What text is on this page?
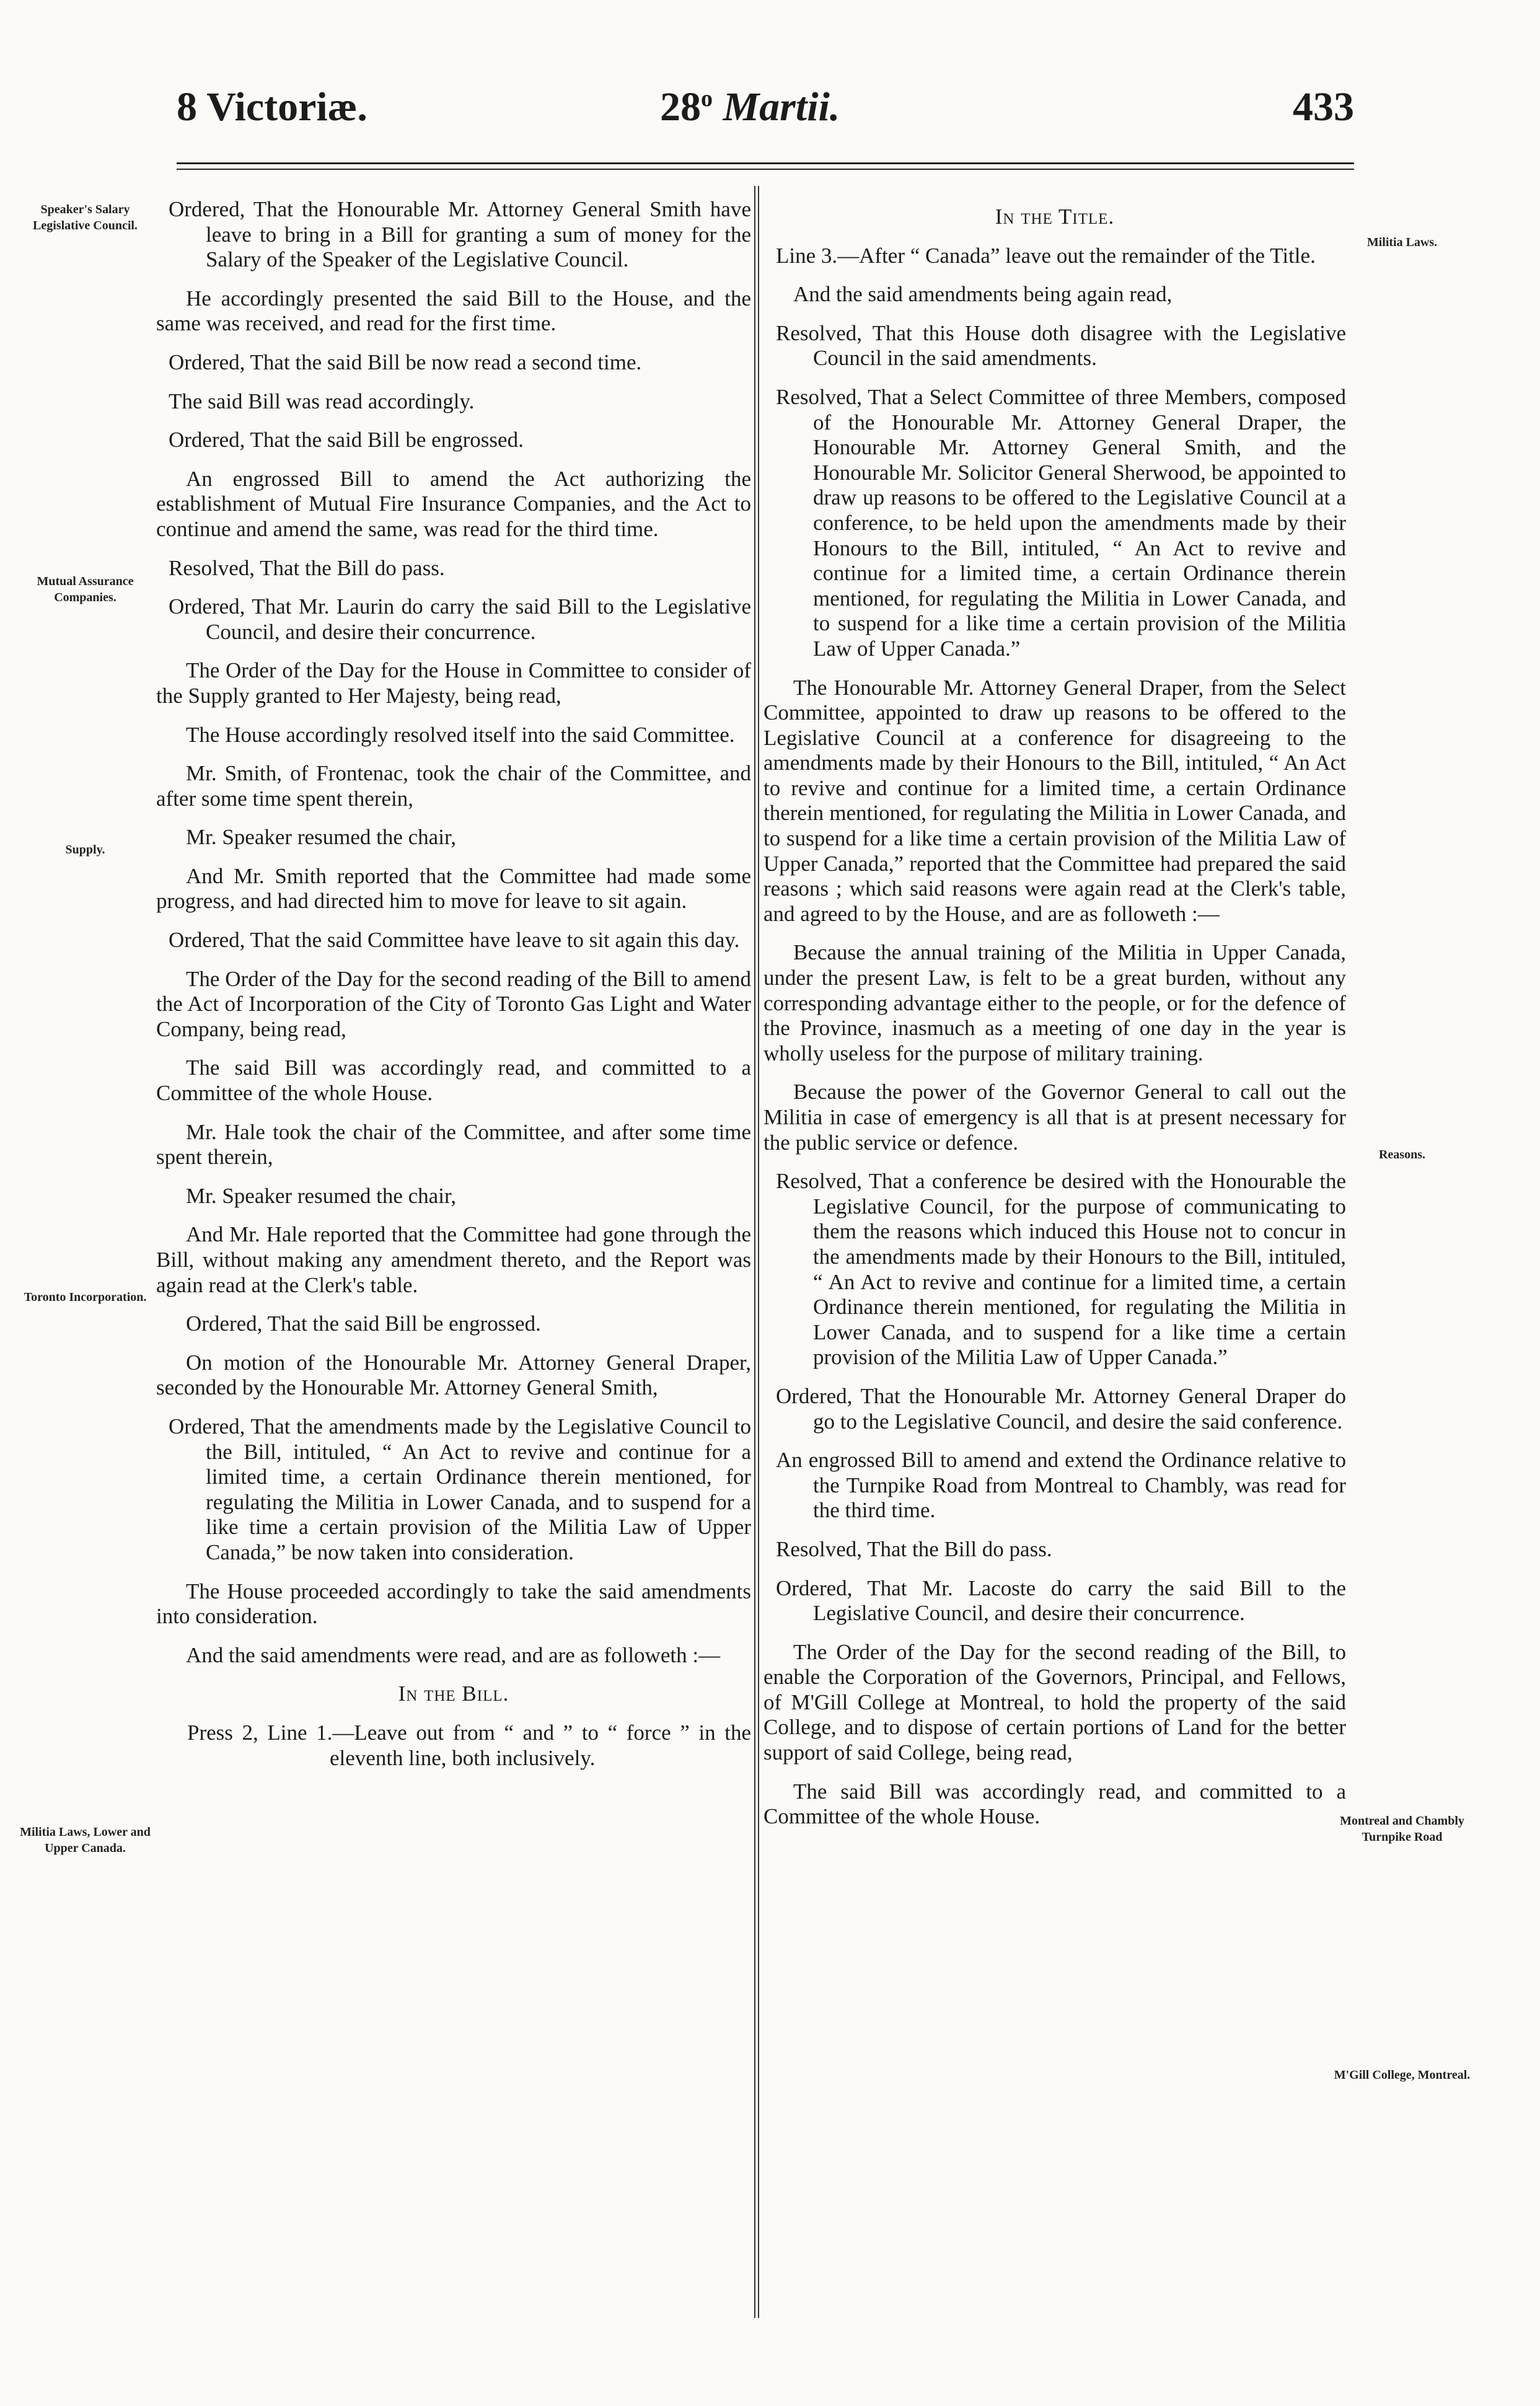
8 Victoriæ.	28$^o$ Martii.	433
Speaker's Salary Legislative Council.
Mutual Assurance Companies.
Supply.
Toronto Incorporation.
Militia Laws, Lower and Upper Canada.
Militia Laws.
Reasons.
Montreal and Chambly Turnpike Road
M'Gill College, Montreal.

Ordered, That the Honourable Mr. Attorney General Smith have leave to bring in a Bill for granting a sum of money for the Salary of the Speaker of the Legislative Council.

He accordingly presented the said Bill to the House, and the same was received, and read for the first time.

Ordered, That the said Bill be now read a second time.

The said Bill was read accordingly.

Ordered, That the said Bill be engrossed.

An engrossed Bill to amend the Act authorizing the establishment of Mutual Fire Insurance Companies, and the Act to continue and amend the same, was read for the third time.

Resolved, That the Bill do pass.

Ordered, That Mr. Laurin do carry the said Bill to the Legislative Council, and desire their concurrence.

The Order of the Day for the House in Committee to consider of the Supply granted to Her Majesty, being read,

The House accordingly resolved itself into the said Committee.

Mr. Smith, of Frontenac, took the chair of the Committee, and after some time spent therein,

Mr. Speaker resumed the chair,

And Mr. Smith reported that the Committee had made some progress, and had directed him to move for leave to sit again.

Ordered, That the said Committee have leave to sit again this day.

The Order of the Day for the second reading of the Bill to amend the Act of Incorporation of the City of Toronto Gas Light and Water Company, being read,

The said Bill was accordingly read, and committed to a Committee of the whole House.

Mr. Hale took the chair of the Committee, and after some time spent therein,

Mr. Speaker resumed the chair,

And Mr. Hale reported that the Committee had gone through the Bill, without making any amendment thereto, and the Report was again read at the Clerk's table.

Ordered, That the said Bill be engrossed.

On motion of the Honourable Mr. Attorney General Draper, seconded by the Honourable Mr. Attorney General Smith,

Ordered, That the amendments made by the Legislative Council to the Bill, intituled, “ An Act to revive and continue for a limited time, a certain Ordinance therein mentioned, for regulating the Militia in Lower Canada, and to suspend for a like time a certain provision of the Militia Law of Upper Canada,” be now taken into consideration.

The House proceeded accordingly to take the said amendments into consideration.

And the said amendments were read, and are as followeth :—

In the Bill.

Press 2, Line 1.—Leave out from “ and ” to “ force ” in the eleventh line, both inclusively.

In the Title.

Line 3.—After “ Canada” leave out the remainder of the Title.

And the said amendments being again read,

Resolved, That this House doth disagree with the Legislative Council in the said amendments.

Resolved, That a Select Committee of three Members, composed of the Honourable Mr. Attorney General Draper, the Honourable Mr. Attorney General Smith, and the Honourable Mr. Solicitor General Sherwood, be appointed to draw up reasons to be offered to the Legislative Council at a conference, to be held upon the amendments made by their Honours to the Bill, intituled, “ An Act to revive and continue for a limited time, a certain Ordinance therein mentioned, for regulating the Militia in Lower Canada, and to suspend for a like time a certain provision of the Militia Law of Upper Canada.”

The Honourable Mr. Attorney General Draper, from the Select Committee, appointed to draw up reasons to be offered to the Legislative Council at a conference for disagreeing to the amendments made by their Honours to the Bill, intituled, “ An Act to revive and continue for a limited time, a certain Ordinance therein mentioned, for regulating the Militia in Lower Canada, and to suspend for a like time a certain provision of the Militia Law of Upper Canada,” reported that the Committee had prepared the said reasons ; which said reasons were again read at the Clerk's table, and agreed to by the House, and are as followeth :—

Because the annual training of the Militia in Upper Canada, under the present Law, is felt to be a great burden, without any corresponding advantage either to the people, or for the defence of the Province, inasmuch as a meeting of one day in the year is wholly useless for the purpose of military training.

Because the power of the Governor General to call out the Militia in case of emergency is all that is at present necessary for the public service or defence.

Resolved, That a conference be desired with the Honourable the Legislative Council, for the purpose of communicating to them the reasons which induced this House not to concur in the amendments made by their Honours to the Bill, intituled, “ An Act to revive and continue for a limited time, a certain Ordinance therein mentioned, for regulating the Militia in Lower Canada, and to suspend for a like time a certain provision of the Militia Law of Upper Canada.”

Ordered, That the Honourable Mr. Attorney General Draper do go to the Legislative Council, and desire the said conference.

An engrossed Bill to amend and extend the Ordinance relative to the Turnpike Road from Montreal to Chambly, was read for the third time.

Resolved, That the Bill do pass.

Ordered, That Mr. Lacoste do carry the said Bill to the Legislative Council, and desire their concurrence.

The Order of the Day for the second reading of the Bill, to enable the Corporation of the Governors, Principal, and Fellows, of M'Gill College at Montreal, to hold the property of the said College, and to dispose of certain portions of Land for the better support of said College, being read,

The said Bill was accordingly read, and committed to a Committee of the whole House.
